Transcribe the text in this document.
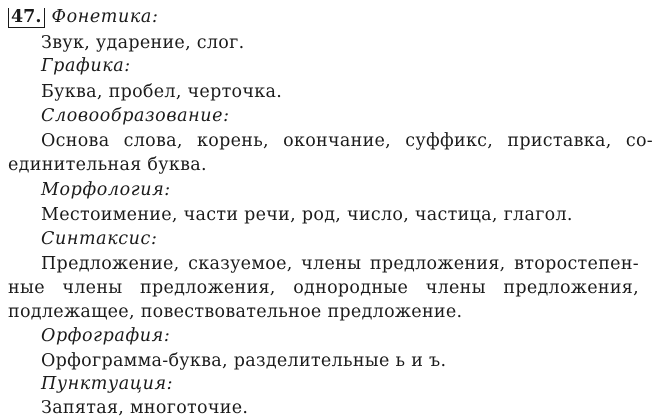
47. Фонетика:
Звук, ударение, слог.
Графика:
Буква, пробел, черточка.
Словообразование:
Основа слова, корень, окончание, суффикс, приставка, со-
единительная буква.
Морфология:
Местоимение, части речи, род, число, частица, глагол.
Синтаксис:
Предложение, сказуемое, члены предложения, второстепен-
ные члены предложения, однородные члены предложения,
подлежащее, повествовательное предложение.
Орфография:
Орфограмма-буква, разделительные ь и ъ.
Пунктуация:
Запятая, многоточие.
